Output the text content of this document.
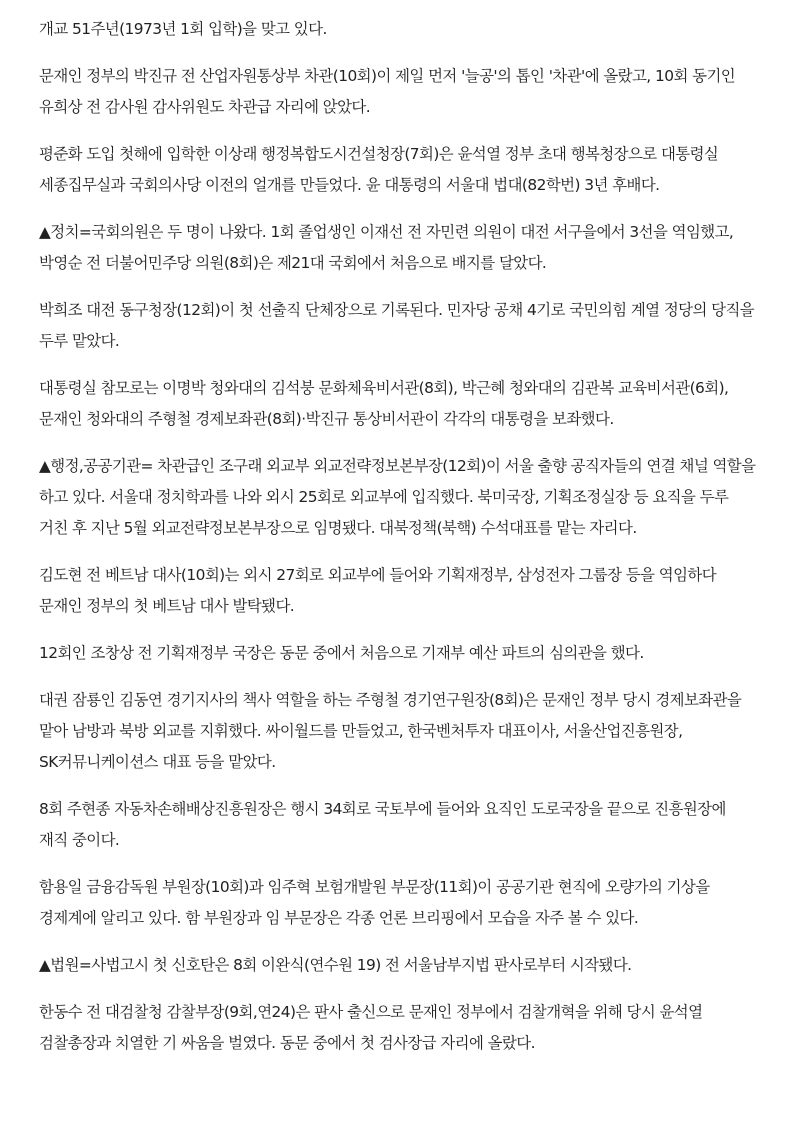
개교 51주년(1973년 1회 입학)을 맞고 있다.

문재인 정부의 박진규 전 산업자원통상부 차관(10회)이 제일 먼저 '늘공'의 톱인 '차관'에 올랐고, 10회 동기인 유희상 전 감사원 감사위원도 차관급 자리에 앉았다.

평준화 도입 첫해에 입학한 이상래 행정복합도시건설청장(7회)은 윤석열 정부 초대 행복청장으로 대통령실 세종집무실과 국회의사당 이전의 얼개를 만들었다. 윤 대통령의 서울대 법대(82학번) 3년 후배다.

▲정치=국회의원은 두 명이 나왔다. 1회 졸업생인 이재선 전 자민련 의원이 대전 서구을에서 3선을 역임했고, 박영순 전 더불어민주당 의원(8회)은 제21대 국회에서 처음으로 배지를 달았다.

박희조 대전 동구청장(12회)이 첫 선출직 단체장으로 기록된다. 민자당 공채 4기로 국민의힘 계열 정당의 당직을 두루 맡았다.

대통령실 참모로는 이명박 청와대의 김석붕 문화체육비서관(8회), 박근혜 청와대의 김관복 교육비서관(6회), 문재인 청와대의 주형철 경제보좌관(8회)·박진규 통상비서관이 각각의 대통령을 보좌했다.

▲행정,공공기관= 차관급인 조구래 외교부 외교전략정보본부장(12회)이 서울 출향 공직자들의 연결 채널 역할을 하고 있다. 서울대 정치학과를 나와 외시 25회로 외교부에 입직했다. 북미국장, 기획조정실장 등 요직을 두루 거친 후 지난 5월 외교전략정보본부장으로 임명됐다. 대북정책(북핵) 수석대표를 맡는 자리다.

김도현 전 베트남 대사(10회)는 외시 27회로 외교부에 들어와 기획재정부, 삼성전자 그룹장 등을 역임하다 문재인 정부의 첫 베트남 대사 발탁됐다.

12회인 조창상 전 기획재정부 국장은 동문 중에서 처음으로 기재부 예산 파트의 심의관을 했다.

대권 잠룡인 김동연 경기지사의 책사 역할을 하는 주형철 경기연구원장(8회)은 문재인 정부 당시 경제보좌관을 맡아 남방과 북방 외교를 지휘했다. 싸이월드를 만들었고, 한국벤처투자 대표이사, 서울산업진흥원장, SK커뮤니케이션스 대표 등을 맡았다.

8회 주현종 자동차손해배상진흥원장은 행시 34회로 국토부에 들어와 요직인 도로국장을 끝으로 진흥원장에 재직 중이다.

함용일 금융감독원 부원장(10회)과 임주혁 보험개발원 부문장(11회)이 공공기관 현직에 오량가의 기상을 경제계에 알리고 있다. 함 부원장과 임 부문장은 각종 언론 브리핑에서 모습을 자주 볼 수 있다.

▲법원=사법고시 첫 신호탄은 8회 이완식(연수원 19) 전 서울남부지법 판사로부터 시작됐다.

한동수 전 대검찰청 감찰부장(9회,연24)은 판사 출신으로 문재인 정부에서 검찰개혁을 위해 당시 윤석열 검찰총장과 치열한 기 싸움을 벌였다. 동문 중에서 첫 검사장급 자리에 올랐다.
